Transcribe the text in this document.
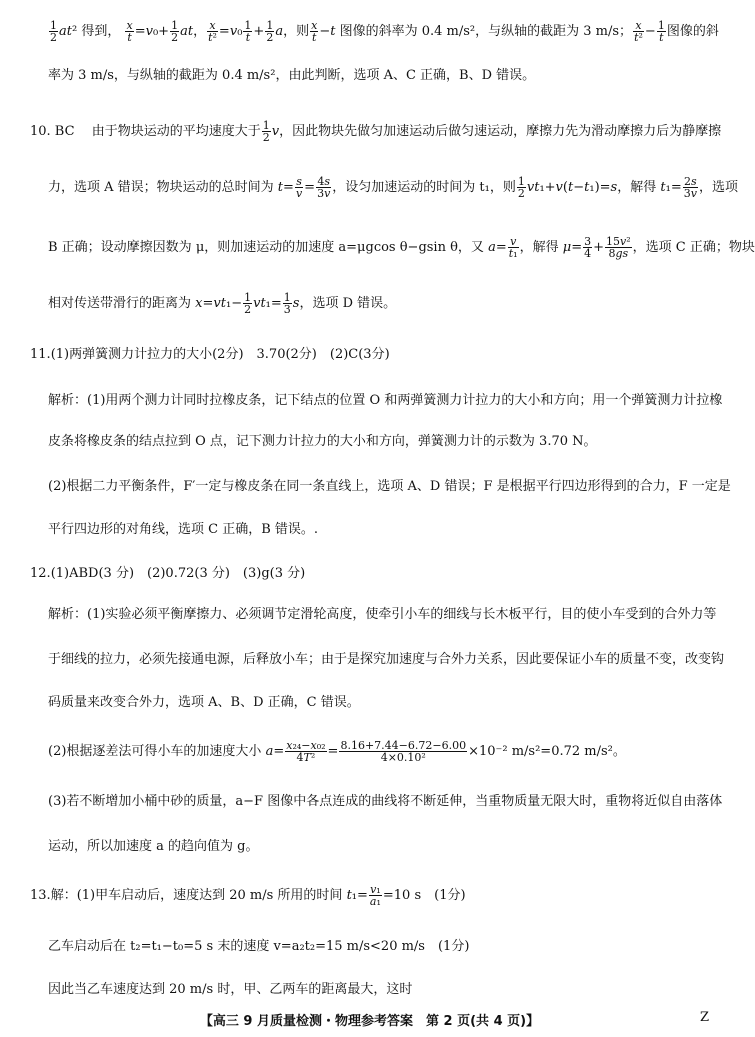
$\frac{1}{2} at^2$ 得到， $\frac{x}{t} =v_0+ \frac{1}{2}$ at， $\frac{x}{\text{t²}} =v_0 \frac{1}{t} + \frac{1}{2}$ a，则 $\frac{x}{t} -t$ 图像的斜率为 0.4 m/s²，与纵轴的截距为 3 m/s； $\frac{x}{\text{t²}} - \frac{1}{t}$ 图像的斜
率为 3 m/s，与纵轴的截距为 0.4 m/s²，由此判断，选项 A、C 正确，B、D 错误。
10. BC　 由于物块运动的平均速度大于 $\frac{1}{2}$ v，因此物块先做匀加速运动后做匀速运动，摩擦力先为滑动摩擦力后为静摩擦
力，选项 A 错误；物块运动的总时间为 $t= \frac{s}{v} = \frac{4s}{3v}$ ，设匀加速运动的时间为 t₁，则 $\frac{1}{2} vt_1+v(t-t_1)=s$，解得 $t_1= \frac{2s}{3v}$ ，选项
B 正确；设动摩擦因数为 μ，则加速运动的加速度 a=μgcos θ−gsin θ，又 $a= \frac{v}{\text{t₁}}$ ，解得 $\mu= \frac{3}{4} + \frac{\text{15v²}}{8gs}$ ，选项 C 正确；物块
相对传送带滑行的距离为 $x=vt_1- \frac{1}{2} vt_1= \frac{1}{3}$ s，选项 D 错误。
11.(1)两弹簧测力计拉力的大小(2分)　3.70(2分)　(2)C(3分)
解析：(1)用两个测力计同时拉橡皮条，记下结点的位置 O 和两弹簧测力计拉力的大小和方向；用一个弹簧测力计拉橡
皮条将橡皮条的结点拉到 O 点，记下测力计拉力的大小和方向，弹簧测力计的示数为 3.70 N。
(2)根据二力平衡条件，F′一定与橡皮条在同一条直线上，选项 A、D 错误；F 是根据平行四边形得到的合力，F 一定是
平行四边形的对角线，选项 C 正确，B 错误。.
12.(1)ABD(3 分)　(2)0.72(3 分)　(3)g(3 分)
解析：(1)实验必须平衡摩擦力、必须调节定滑轮高度，使牵引小车的细线与长木板平行，目的使小车受到的合外力等
于细线的拉力，必须先接通电源，后释放小车；由于是探究加速度与合外力关系，因此要保证小车的质量不变，改变钩
码质量来改变合外力，选项 A、B、D 正确，C 错误。
(2)根据逐差法可得小车的加速度大小 $a= \frac{\text{x₂₄−x₀₂}}{\text{4T²}} = \frac{8.16+7.44-6.72-6.00}{\text{4×0.10²}} \times 10^{-2}$ m/s²=0.72 m/s²。
(3)若不断增加小桶中砂的质量，a−F 图像中各点连成的曲线将不断延伸，当重物质量无限大时，重物将近似自由落体
运动，所以加速度 a 的趋向值为 g。
13.解：(1)甲车启动后，速度达到 20 m/s 所用的时间 $t_1= \frac{\text{v₁}}{\text{a₁}} =10$ s　(1分)
乙车启动后在 t₂=t₁−t₀=5 s 末的速度 v=a₂t₂=15 m/s<20 m/s　(1分)
因此当乙车速度达到 20 m/s 时，甲、乙两车的距离最大，这时
【高三 9 月质量检测・物理参考答案　第 2 页(共 4 页)】	Z
